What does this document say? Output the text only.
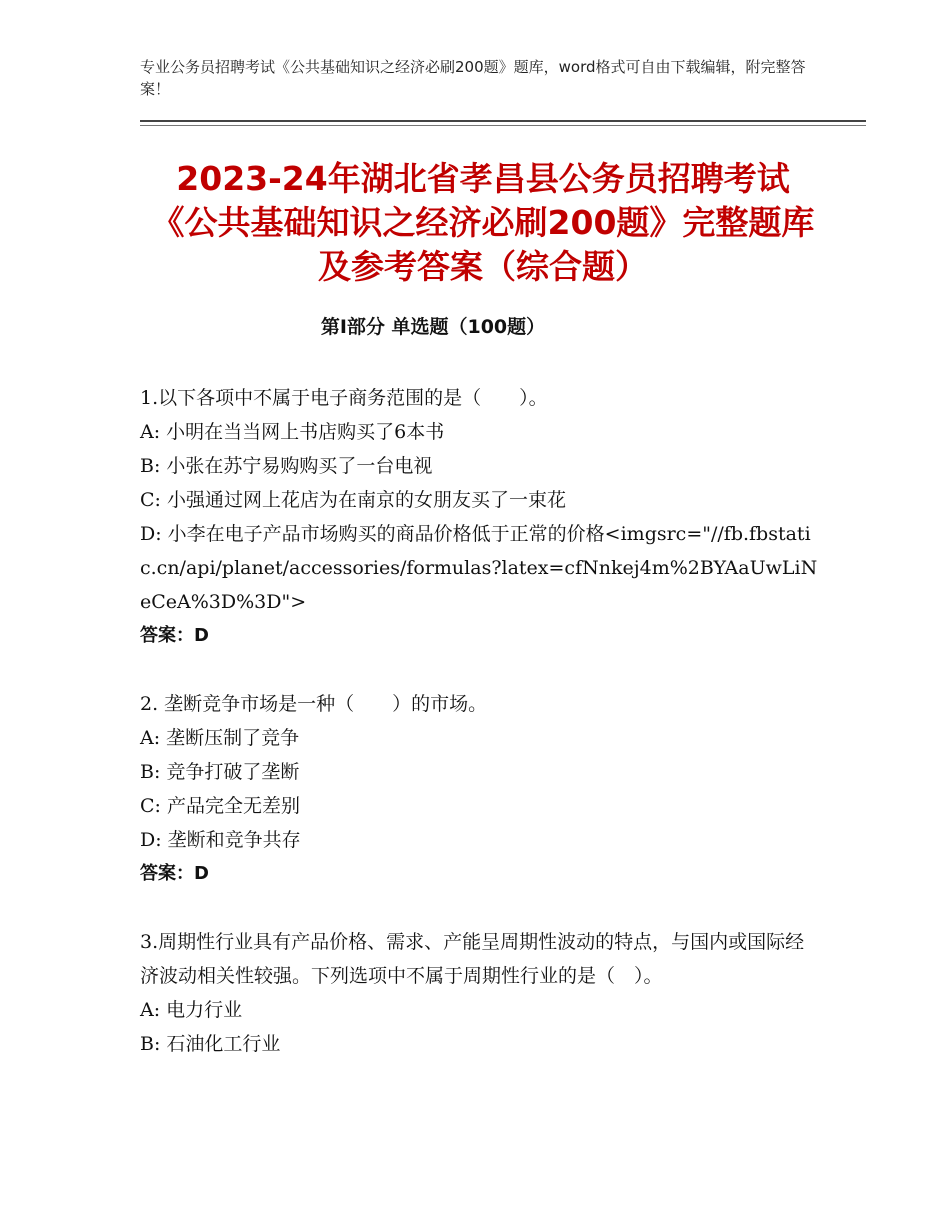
专业公务员招聘考试《公共基础知识之经济必刷200题》题库，word格式可自由下载编辑，附完整答案！
2023-24年湖北省孝昌县公务员招聘考试《公共基础知识之经济必刷200题》完整题库及参考答案（综合题）
第Ⅰ部分 单选题（100题）
1.以下各项中不属于电子商务范围的是（　　）。
A: 小明在当当网上书店购买了6本书
B: 小张在苏宁易购购买了一台电视
C: 小强通过网上花店为在南京的女朋友买了一束花
D: 小李在电子产品市场购买的商品价格低于正常的价格<imgsrc="//fb.fbstatic.cn/api/planet/accessories/formulas?latex=cfNnkej4m%2BYAaUwLiNeCeA%3D%3D">
答案：D
2. 垄断竞争市场是一种（　　）的市场。
A: 垄断压制了竞争
B: 竞争打破了垄断
C: 产品完全无差别
D: 垄断和竞争共存
答案：D
3.周期性行业具有产品价格、需求、产能呈周期性波动的特点，与国内或国际经济波动相关性较强。下列选项中不属于周期性行业的是（　）。
A: 电力行业
B: 石油化工行业
